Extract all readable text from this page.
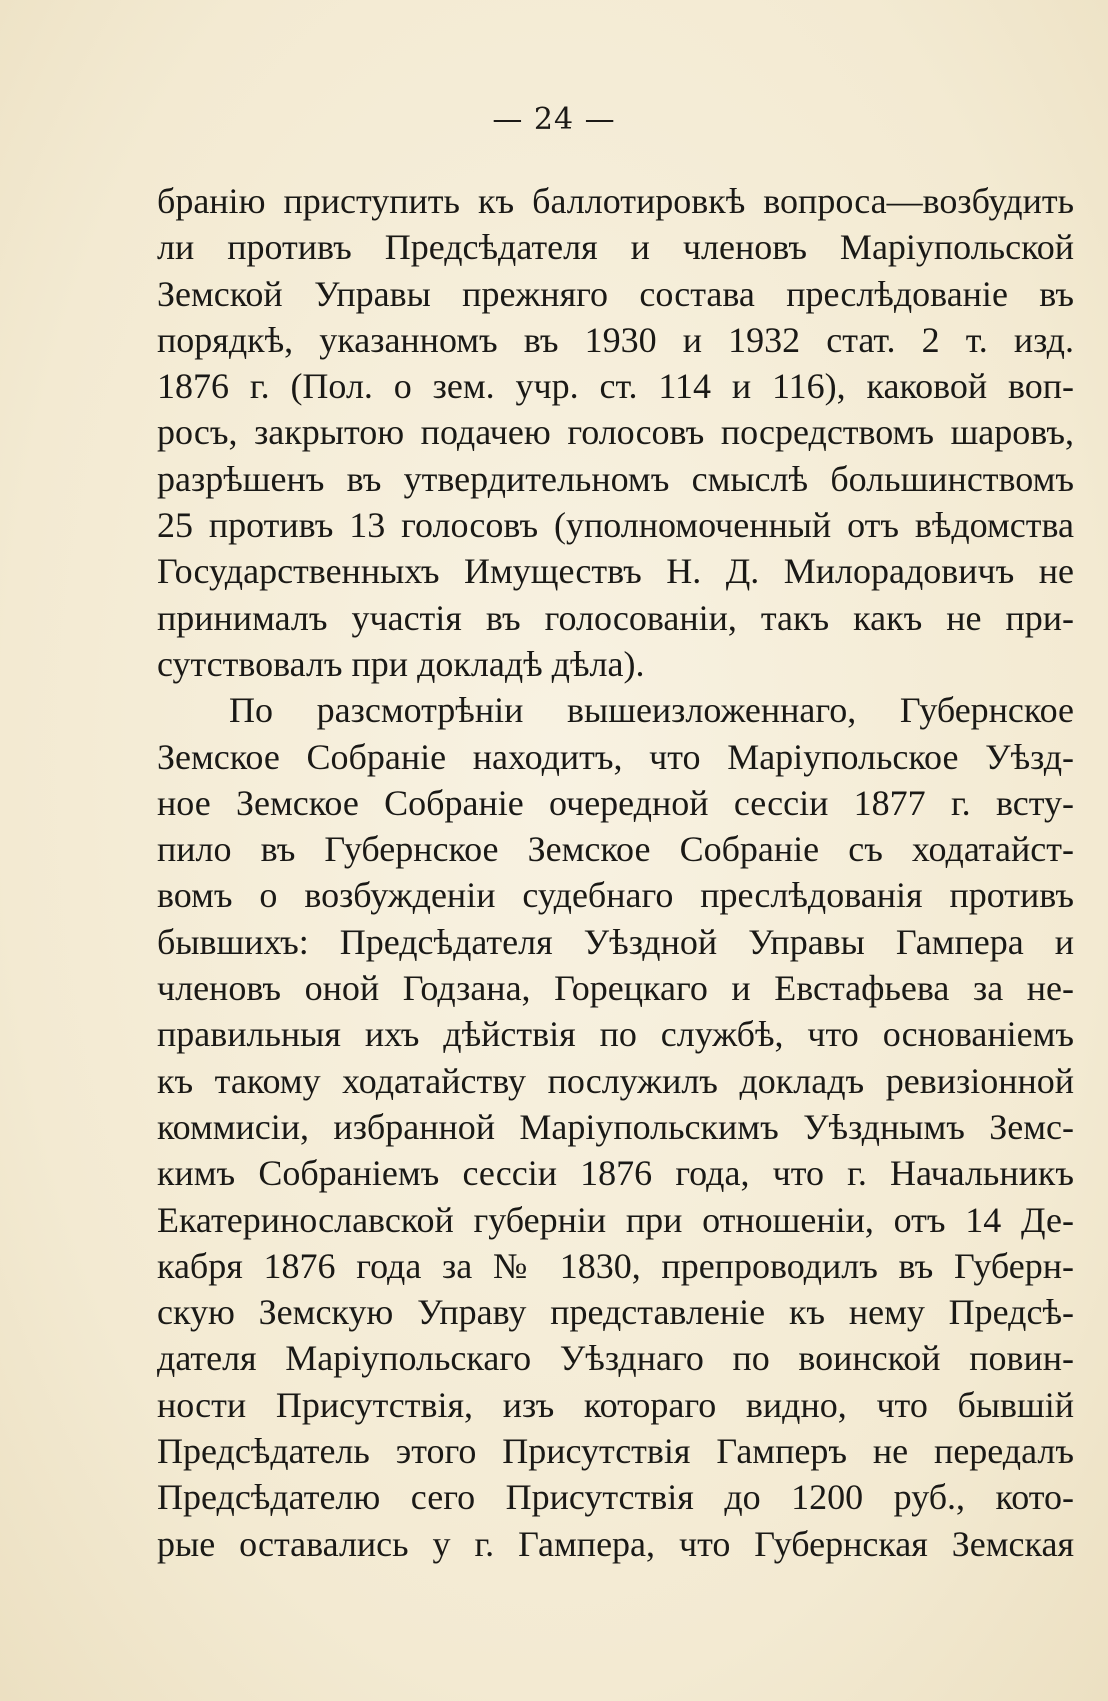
— 24 —
бранію приступить къ баллотировкѣ вопроса—возбудить
ли противъ Предсѣдателя и членовъ Маріупольской
Земской Управы прежняго состава преслѣдованіе въ
порядкѣ, указанномъ въ 1930 и 1932 стат. 2 т. изд.
1876 г. (Пол. о зем. учр. ст. 114 и 116), каковой воп-
росъ, закрытою подачею голосовъ посредствомъ шаровъ,
разрѣшенъ въ утвердительномъ смыслѣ большинствомъ
25 противъ 13 голосовъ (уполномоченный отъ вѣдомства
Государственныхъ Имуществъ Н. Д. Милорадовичъ не
принималъ участія въ голосованіи, такъ какъ не при-
сутствовалъ при докладѣ дѣла).
По разсмотрѣніи вышеизложеннаго, Губернское
Земское Собраніе находитъ, что Маріупольское Уѣзд-
ное Земское Собраніе очередной сессіи 1877 г. всту-
пило въ Губернское Земское Собраніе съ ходатайст-
вомъ о возбужденіи судебнаго преслѣдованія противъ
бывшихъ: Предсѣдателя Уѣздной Управы Гампера и
членовъ оной Годзана, Горецкаго и Евстафьева за не-
правильныя ихъ дѣйствія по службѣ, что основаніемъ
къ такому ходатайству послужилъ докладъ ревизіонной
коммисіи, избранной Маріупольскимъ Уѣзднымъ Земс-
кимъ Собраніемъ сессіи 1876 года, что г. Начальникъ
Екатеринославской губерніи при отношеніи, отъ 14 Де-
кабря 1876 года за № 1830, препроводилъ въ Губерн-
скую Земскую Управу представленіе къ нему Предсѣ-
дателя Маріупольскаго Уѣзднаго по воинской повин-
ности Присутствія, изъ котораго видно, что бывшій
Предсѣдатель этого Присутствія Гамперъ не передалъ
Предсѣдателю сего Присутствія до 1200 руб., кото-
рые оставались у г. Гампера, что Губернская Земская
